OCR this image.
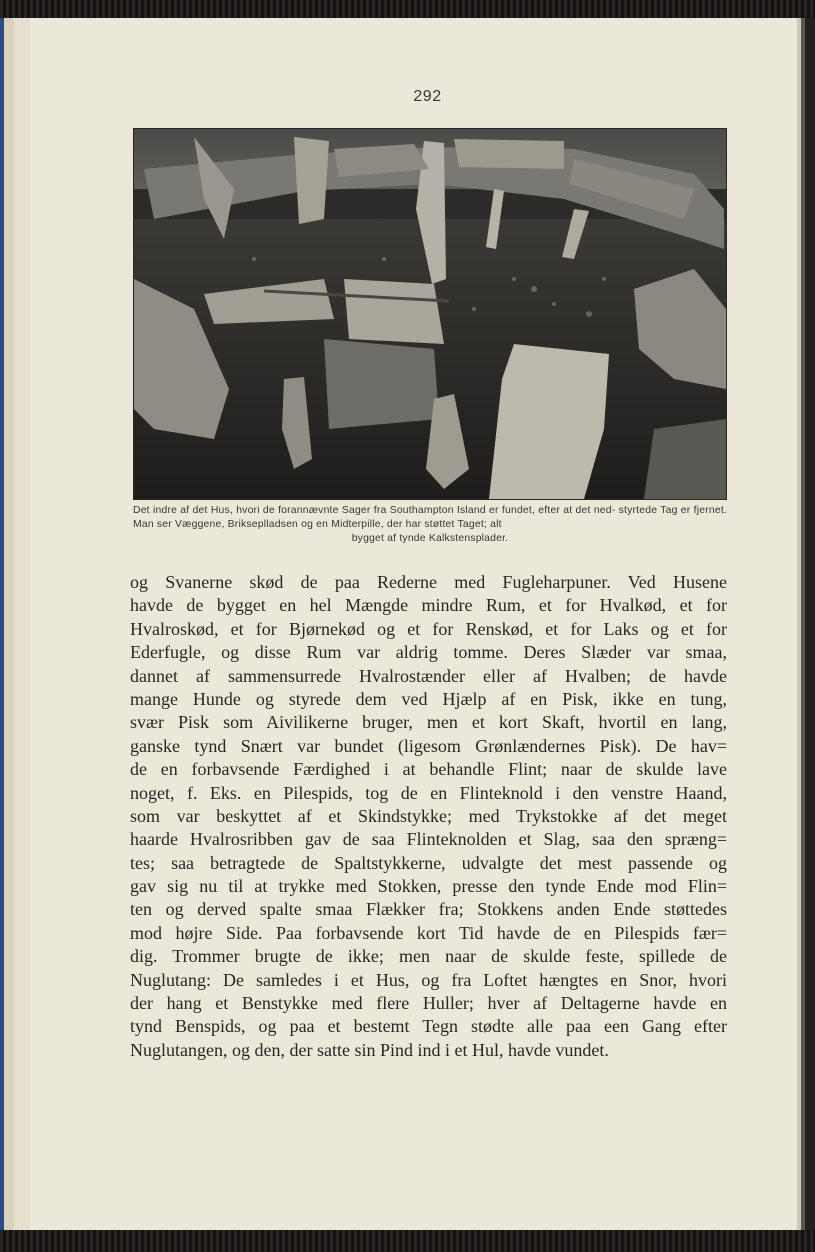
292
Det indre af det Hus, hvori de forannævnte Sager fra Southampton Island er fundet, efter at det ned- styrtede Tag er fjernet. Man ser Væggene, Brikseplladsen og en Midterpille, der har støttet Taget; alt
bygget af tynde Kalkstensplader.
og Svanerne skød de paa Rederne med Fugleharpuner. Ved Husene
havde de bygget en hel Mængde mindre Rum, et for Hvalkød, et for
Hvalroskød, et for Bjørnekød og et for Renskød, et for Laks og et for
Ederfugle, og disse Rum var aldrig tomme. Deres Slæder var smaa,
dannet af sammensurrede Hvalrostænder eller af Hvalben; de havde
mange Hunde og styrede dem ved Hjælp af en Pisk, ikke en tung,
svær Pisk som Aivilikerne bruger, men et kort Skaft, hvortil en lang,
ganske tynd Snært var bundet (ligesom Grønlændernes Pisk). De hav=
de en forbavsende Færdighed i at behandle Flint; naar de skulde lave
noget, f. Eks. en Pilespids, tog de en Flinteknold i den venstre Haand,
som var beskyttet af et Skindstykke; med Trykstokke af det meget
haarde Hvalrosribben gav de saa Flinteknolden et Slag, saa den spræng=
tes; saa betragtede de Spaltstykkerne, udvalgte det mest passende og
gav sig nu til at trykke med Stokken, presse den tynde Ende mod Flin=
ten og derved spalte smaa Flækker fra; Stokkens anden Ende støttedes
mod højre Side. Paa forbavsende kort Tid havde de en Pilespids fær=
dig. Trommer brugte de ikke; men naar de skulde feste, spillede de
Nuglutang: De samledes i et Hus, og fra Loftet hængtes en Snor, hvori
der hang et Benstykke med flere Huller; hver af Deltagerne havde en
tynd Benspids, og paa et bestemt Tegn stødte alle paa een Gang efter
Nuglutangen, og den, der satte sin Pind ind i et Hul, havde vundet.
